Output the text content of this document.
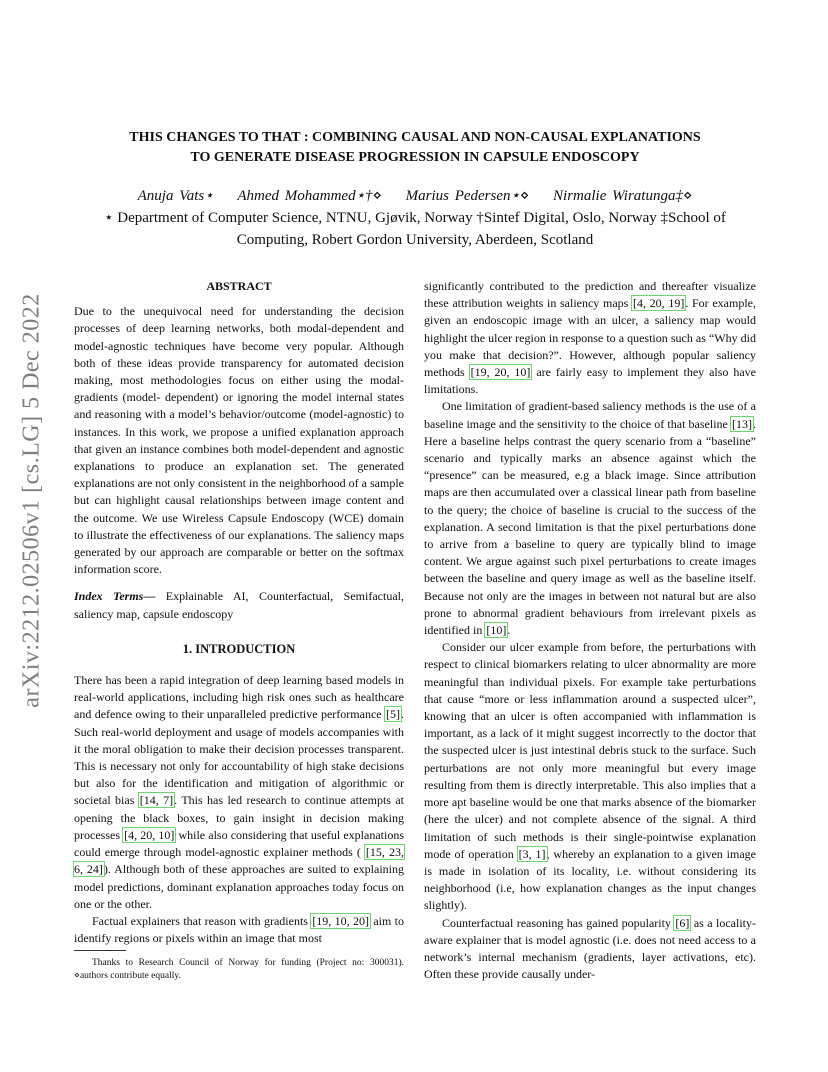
arXiv:2212.02506v1 [cs.LG] 5 Dec 2022
THIS CHANGES TO THAT : COMBINING CAUSAL AND NON-CAUSAL EXPLANATIONS
TO GENERATE DISEASE PROGRESSION IN CAPSULE ENDOSCOPY
Anuja Vats⋆ Ahmed Mohammed⋆†⋄ Marius Pedersen⋆⋄ Nirmalie Wiratunga‡⋄
⋆ Department of Computer Science, NTNU, Gjøvik, Norway †Sintef Digital, Oslo, Norway ‡School of
Computing, Robert Gordon University, Aberdeen, Scotland
ABSTRACT

Due to the unequivocal need for understanding the decision processes of deep learning networks, both modal-dependent and model-agnostic techniques have become very popular. Although both of these ideas provide transparency for automated decision making, most methodologies focus on either using the modal-gradients (model- dependent) or ignoring the model internal states and reasoning with a model’s behavior/outcome (model-agnostic) to instances. In this work, we propose a unified explanation approach that given an instance combines both model-dependent and agnostic explanations to produce an explanation set. The generated explanations are not only consistent in the neighborhood of a sample but can highlight causal relationships between image content and the outcome. We use Wireless Capsule Endoscopy (WCE) domain to illustrate the effectiveness of our explanations. The saliency maps generated by our approach are comparable or better on the softmax information score.

Index Terms— Explainable AI, Counterfactual, Semifactual, saliency map, capsule endoscopy

1. INTRODUCTION

There has been a rapid integration of deep learning based models in real-world applications, including high risk ones such as healthcare and defence owing to their unparalleled predictive performance [5]. Such real-world deployment and usage of models accompanies with it the moral obligation to make their decision processes transparent. This is necessary not only for accountability of high stake decisions but also for the identification and mitigation of algorithmic or societal bias [14, 7]. This has led research to continue attempts at opening the black boxes, to gain insight in decision making processes [4, 20, 10] while also considering that useful explanations could emerge through model-agnostic explainer methods ( [15, 23, 6, 24]). Although both of these approaches are suited to explaining model predictions, dominant explanation approaches today focus on one or the other.

Factual explainers that reason with gradients [19, 10, 20] aim to identify regions or pixels within an image that most

Thanks to Research Council of Norway for funding (Project no: 300031). ⋄authors contribute equally.

significantly contributed to the prediction and thereafter visualize these attribution weights in saliency maps [4, 20, 19]. For example, given an endoscopic image with an ulcer, a saliency map would highlight the ulcer region in response to a question such as “Why did you make that decision?”. However, although popular saliency methods [19, 20, 10] are fairly easy to implement they also have limitations.

One limitation of gradient-based saliency methods is the use of a baseline image and the sensitivity to the choice of that baseline [13]. Here a baseline helps contrast the query scenario from a “baseline” scenario and typically marks an absence against which the “presence” can be measured, e.g a black image. Since attribution maps are then accumulated over a classical linear path from baseline to the query; the choice of baseline is crucial to the success of the explanation. A second limitation is that the pixel perturbations done to arrive from a baseline to query are typically blind to image content. We argue against such pixel perturbations to create images between the baseline and query image as well as the baseline itself. Because not only are the images in between not natural but are also prone to abnormal gradient behaviours from irrelevant pixels as identified in [10].

Consider our ulcer example from before, the perturbations with respect to clinical biomarkers relating to ulcer abnormality are more meaningful than individual pixels. For example take perturbations that cause “more or less inflammation around a suspected ulcer”, knowing that an ulcer is often accompanied with inflammation is important, as a lack of it might suggest incorrectly to the doctor that the suspected ulcer is just intestinal debris stuck to the surface. Such perturbations are not only more meaningful but every image resulting from them is directly interpretable. This also implies that a more apt baseline would be one that marks absence of the biomarker (here the ulcer) and not complete absence of the signal. A third limitation of such methods is their single-pointwise explanation mode of operation [3, 1], whereby an explanation to a given image is made in isolation of its locality, i.e. without considering its neighborhood (i.e, how explanation changes as the input changes slightly).

Counterfactual reasoning has gained popularity [6] as a locality-aware explainer that is model agnostic (i.e. does not need access to a network’s internal mechanism (gradients, layer activations, etc). Often these provide causally under-
